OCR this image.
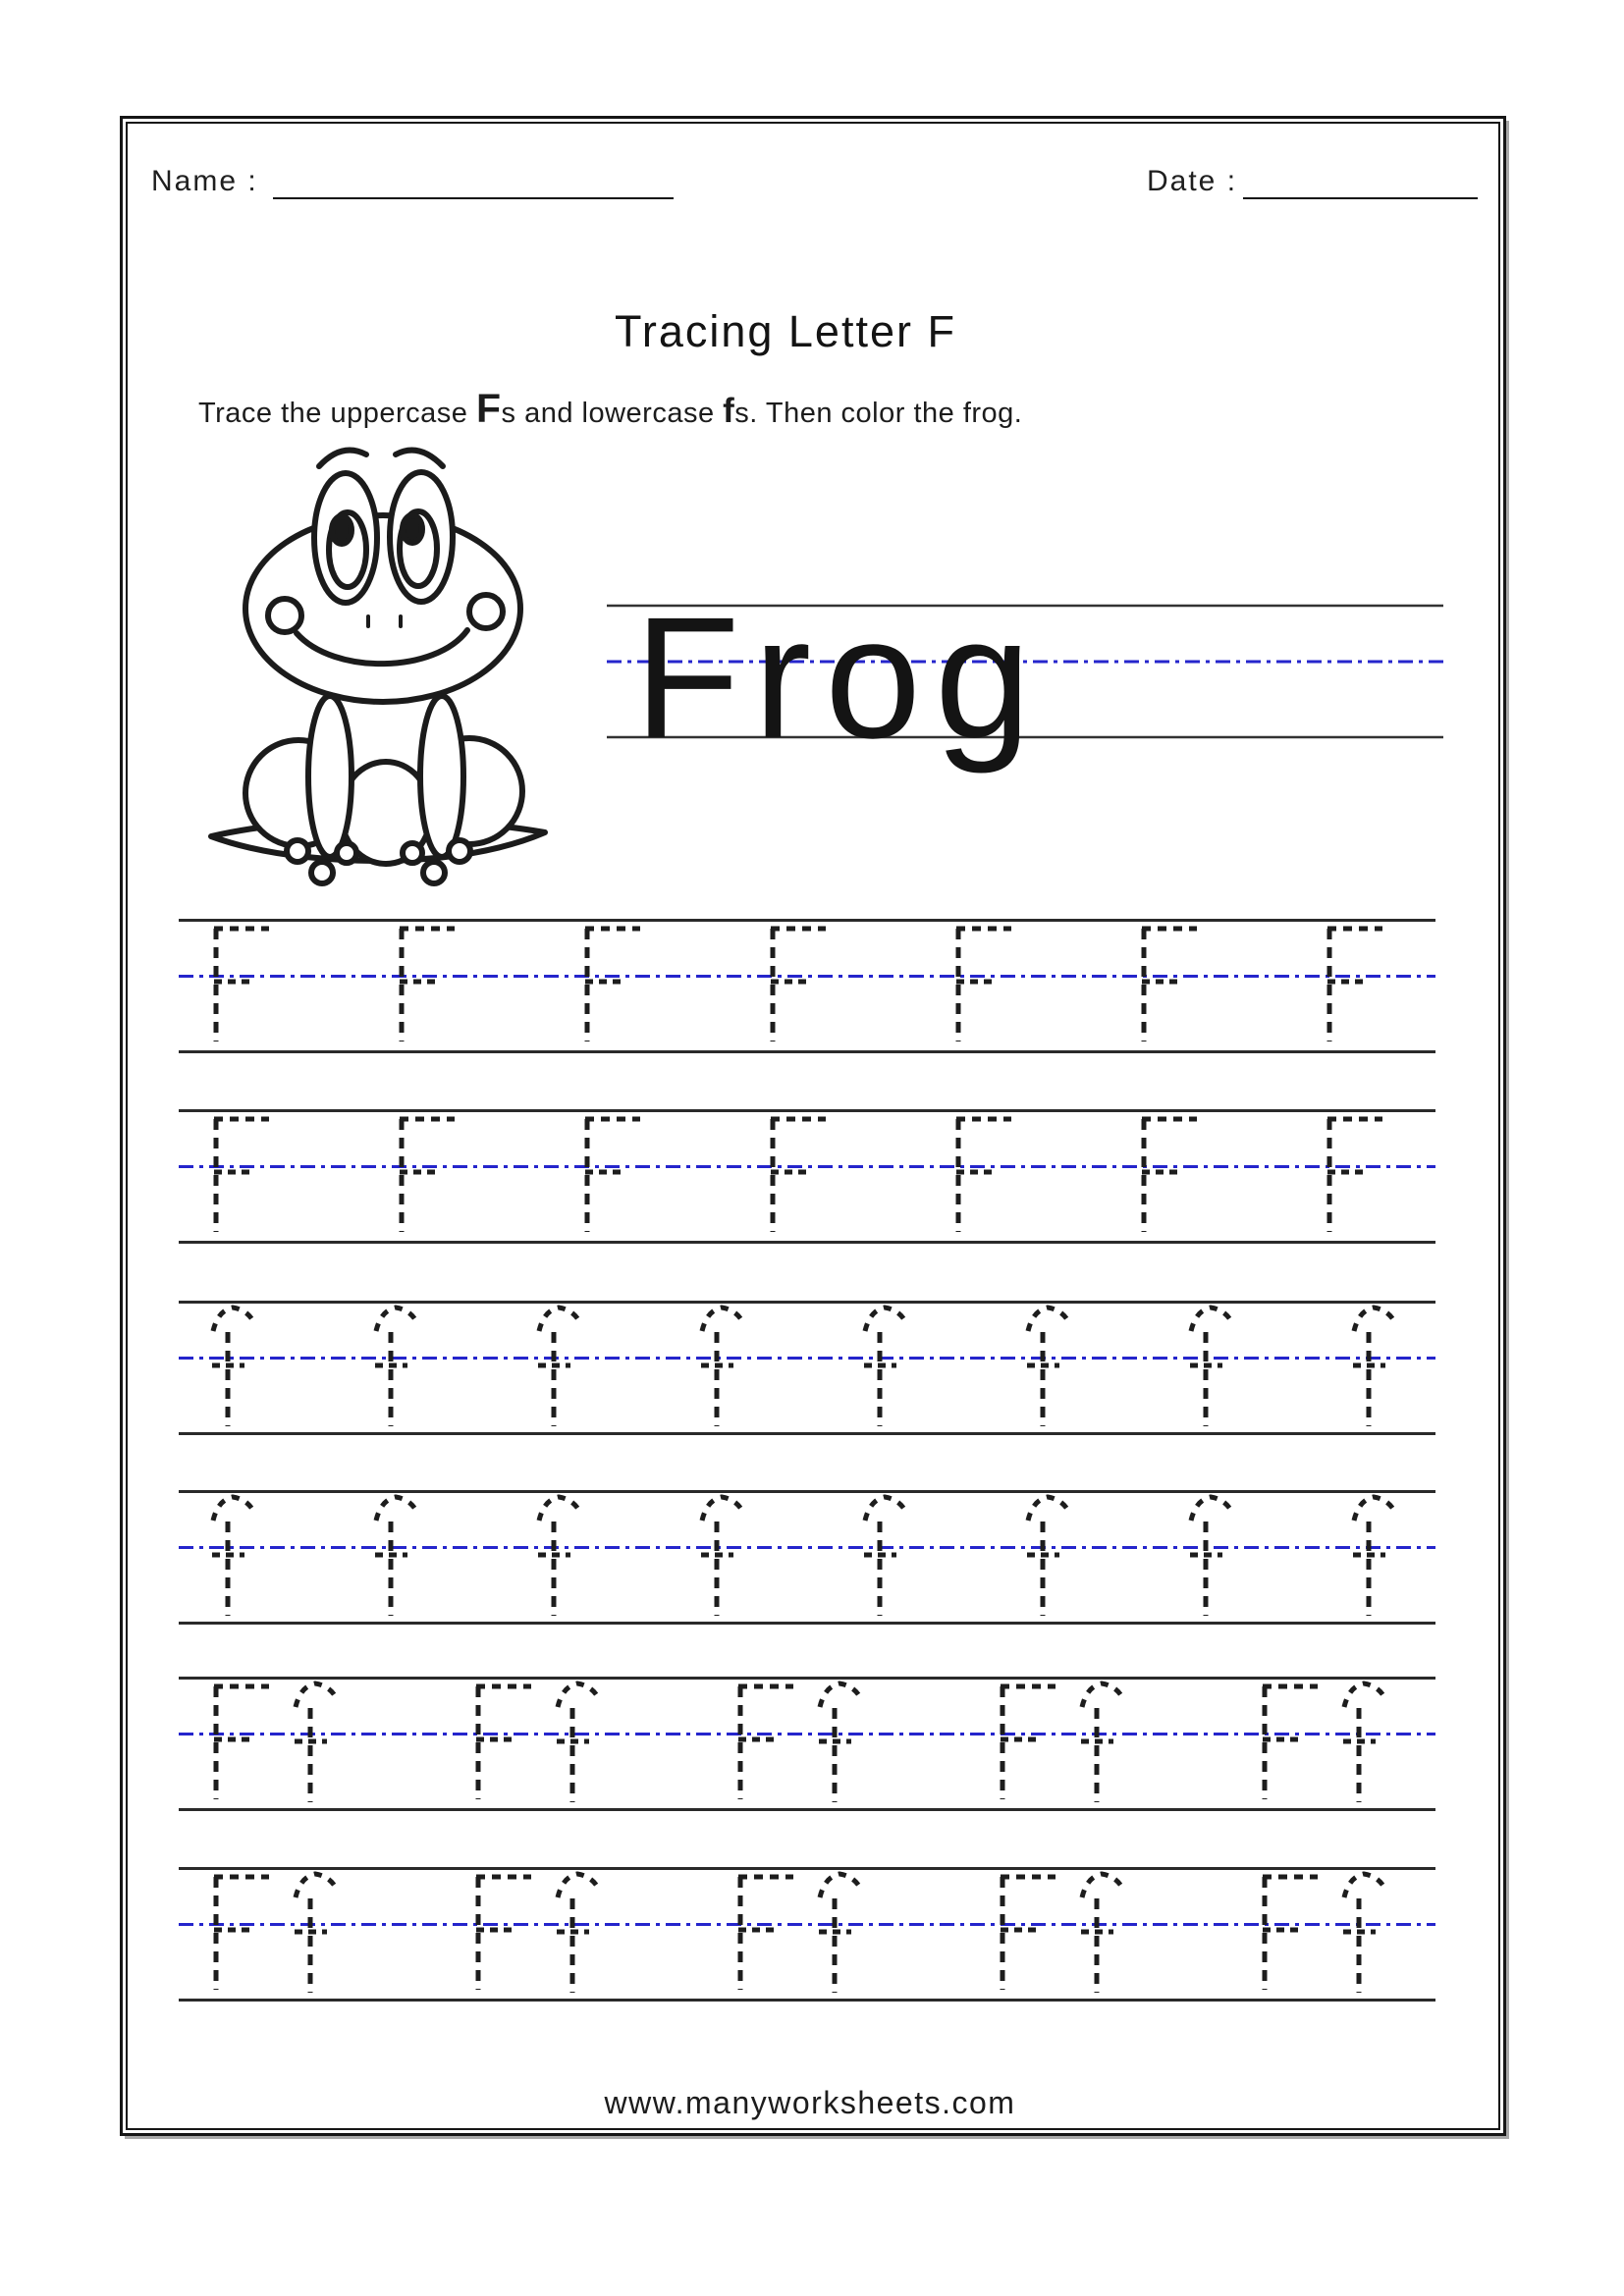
Name :	Date :
Tracing Letter F
Trace the uppercase Fs and lowercase fs. Then color the frog.
Frog
www.manyworksheets.com
